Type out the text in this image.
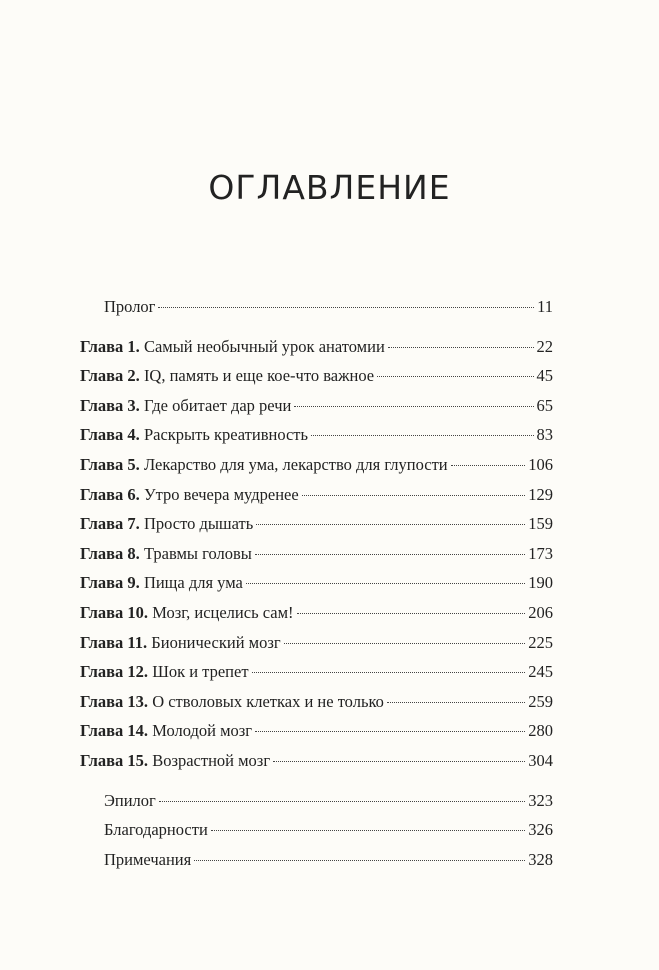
ОГЛАВЛЕНИЕ
Пролог	11
Глава 1. Самый необычный урок анатомии	22
Глава 2. IQ, память и еще кое-что важное	45
Глава 3. Где обитает дар речи	65
Глава 4. Раскрыть креативность	83
Глава 5. Лекарство для ума, лекарство для глупости	106
Глава 6. Утро вечера мудренее	129
Глава 7. Просто дышать	159
Глава 8. Травмы головы	173
Глава 9. Пища для ума	190
Глава 10. Мозг, исцелись сам!	206
Глава 11. Бионический мозг	225
Глава 12. Шок и трепет	245
Глава 13. О стволовых клетках и не только	259
Глава 14. Молодой мозг	280
Глава 15. Возрастной мозг	304
Эпилог	323
Благодарности	326
Примечания	328
